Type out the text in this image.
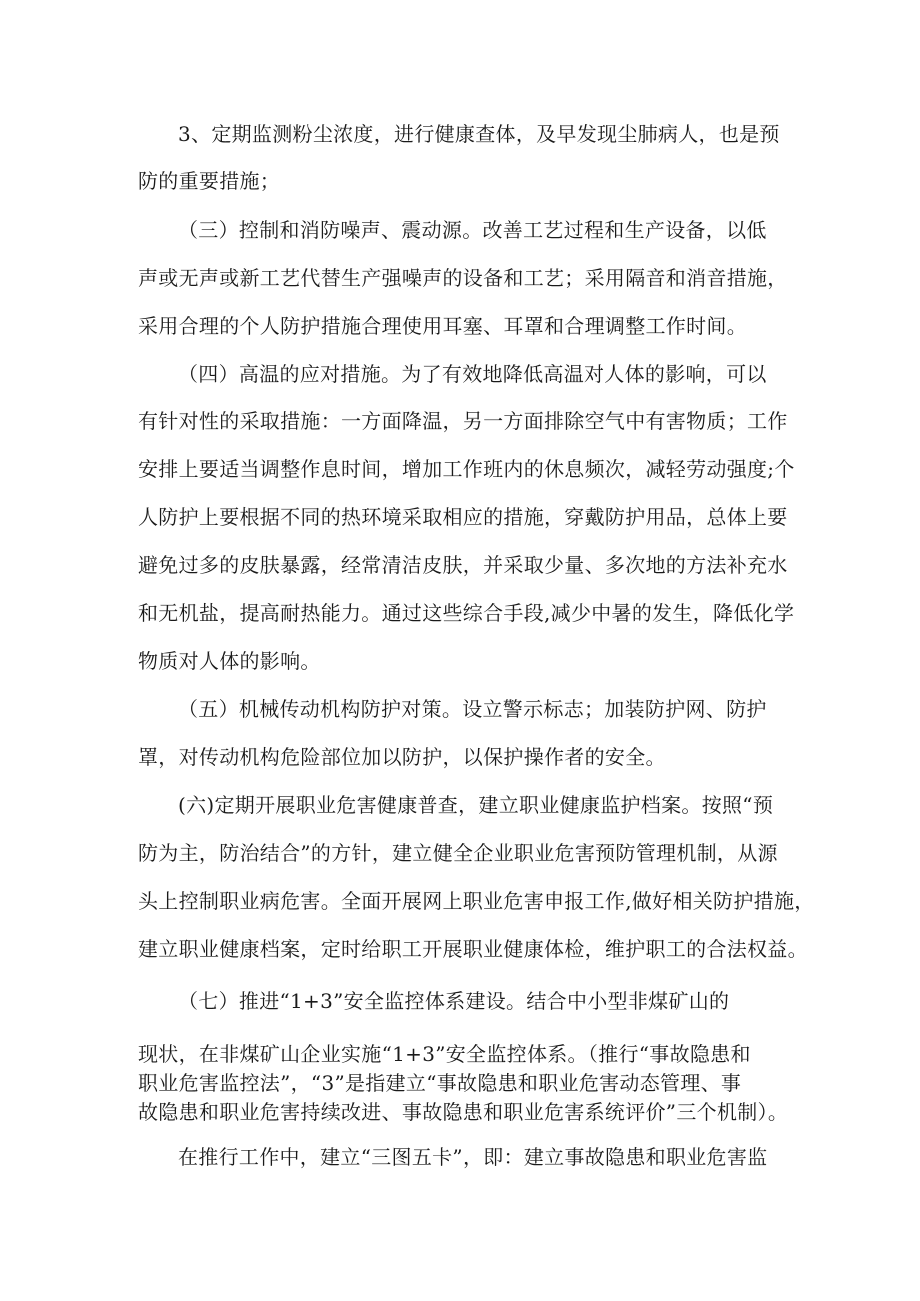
3、定期监测粉尘浓度，进行健康查体，及早发现尘肺病人，也是预
防的重要措施；
（三）控制和消防噪声、震动源。改善工艺过程和生产设备，以低
声或无声或新工艺代替生产强噪声的设备和工艺；采用隔音和消音措施，
采用合理的个人防护措施合理使用耳塞、耳罩和合理调整工作时间。
（四）高温的应对措施。为了有效地降低高温对人体的影响，可以
有针对性的采取措施：一方面降温，另一方面排除空气中有害物质；工作
安排上要适当调整作息时间，增加工作班内的休息频次，减轻劳动强度;个
人防护上要根据不同的热环境采取相应的措施，穿戴防护用品，总体上要
避免过多的皮肤暴露，经常清洁皮肤，并采取少量、多次地的方法补充水
和无机盐，提高耐热能力。通过这些综合手段,减少中暑的发生，降低化学
物质对人体的影响。
（五）机械传动机构防护对策。设立警示标志；加装防护网、防护
罩，对传动机构危险部位加以防护，以保护操作者的安全。
(六)定期开展职业危害健康普查，建立职业健康监护档案。按照“预
防为主，防治结合”的方针，建立健全企业职业危害预防管理机制，从源
头上控制职业病危害。全面开展网上职业危害申报工作,做好相关防护措施，
建立职业健康档案，定时给职工开展职业健康体检，维护职工的合法权益。
（七）推进“1+3”安全监控体系建设。结合中小型非煤矿山的
现状，在非煤矿山企业实施“1+3”安全监控体系。（推行“事故隐患和
职业危害监控法”，“3”是指建立“事故隐患和职业危害动态管理、事
故隐患和职业危害持续改进、事故隐患和职业危害系统评价”三个机制）。
在推行工作中，建立“三图五卡”，即：建立事故隐患和职业危害监
